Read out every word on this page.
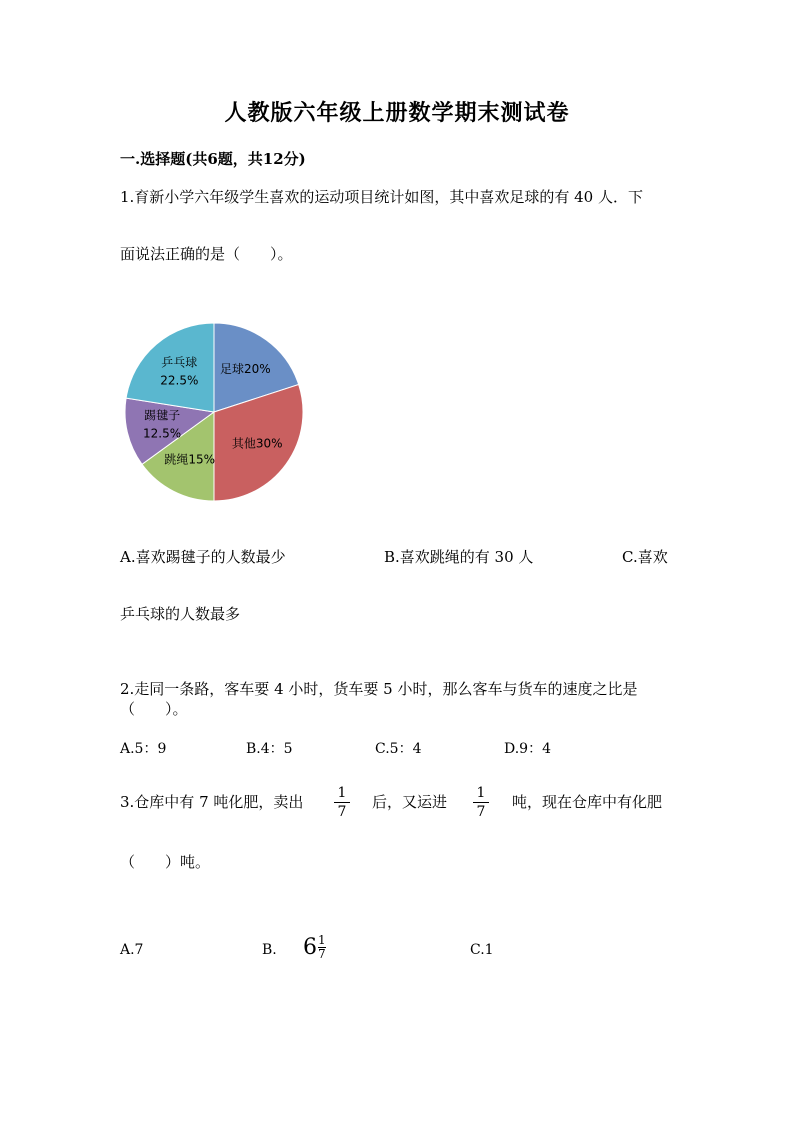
人教版六年级上册数学期末测试卷
一.选择题(共6题，共12分)
1.育新小学六年级学生喜欢的运动项目统计如图，其中喜欢足球的有 40 人．下
面说法正确的是（　　）。
足球20%
其他30%
跳绳15%
踢毽子
12.5%
乒乓球
22.5%
A.喜欢踢毽子的人数最少	B.喜欢跳绳的有 30 人	C.喜欢
乒乓球的人数最多
2.走同一条路，客车要 4 小时，货车要 5 小时，那么客车与货车的速度之比是
（　　）。
A.5：9	B.4：5	C.5：4	D.9：4
3.仓库中有 7 吨化肥，卖出 $\frac{1}{7}$ 后，又运进 $\frac{1}{7}$ 吨，现在仓库中有化肥
（　　）吨。
A.7	B. $6 \frac{1}{7}$	C.1
